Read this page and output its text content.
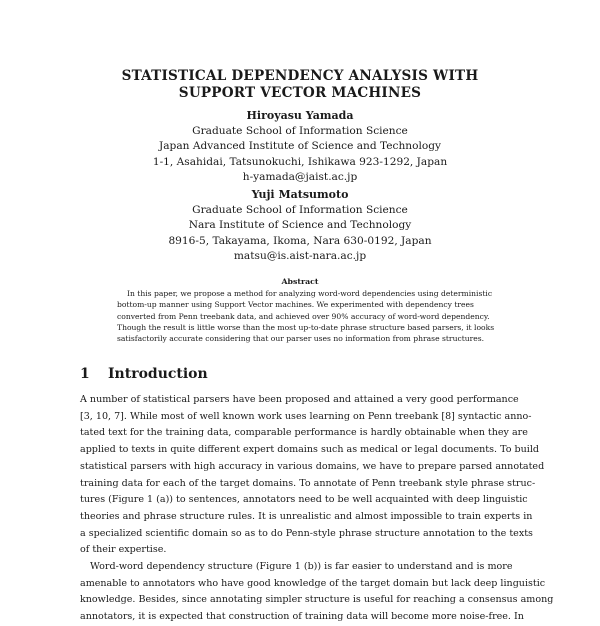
STATISTICAL DEPENDENCY ANALYSIS WITH
SUPPORT VECTOR MACHINES
Hiroyasu Yamada
Graduate School of Information Science
Japan Advanced Institute of Science and Technology
1-1, Asahidai, Tatsunokuchi, Ishikawa 923-1292, Japan
h-yamada@jaist.ac.jp
Yuji Matsumoto
Graduate School of Information Science
Nara Institute of Science and Technology
8916-5, Takayama, Ikoma, Nara 630-0192, Japan
matsu@is.aist-nara.ac.jp
Abstract
In this paper, we propose a method for analyzing word-word dependencies using deterministic
bottom-up manner using Support Vector machines. We experimented with dependency trees
converted from Penn treebank data, and achieved over 90% accuracy of word-word dependency.
Though the result is little worse than the most up-to-date phrase structure based parsers, it looks
satisfactorily accurate considering that our parser uses no information from phrase structures.
1 Introduction
A number of statistical parsers have been proposed and attained a very good performance
[3, 10, 7]. While most of well known work uses learning on Penn treebank [8] syntactic anno-
tated text for the training data, comparable performance is hardly obtainable when they are
applied to texts in quite different expert domains such as medical or legal documents. To build
statistical parsers with high accuracy in various domains, we have to prepare parsed annotated
training data for each of the target domains. To annotate of Penn treebank style phrase struc-
tures (Figure 1 (a)) to sentences, annotators need to be well acquainted with deep linguistic
theories and phrase structure rules. It is unrealistic and almost impossible to train experts in
a specialized scientific domain so as to do Penn-style phrase structure annotation to the texts
of their expertise.
Word-word dependency structure (Figure 1 (b)) is far easier to understand and is more
amenable to annotators who have good knowledge of the target domain but lack deep linguistic
knowledge. Besides, since annotating simpler structure is useful for reaching a consensus among
annotators, it is expected that construction of training data will become more noise-free. In
